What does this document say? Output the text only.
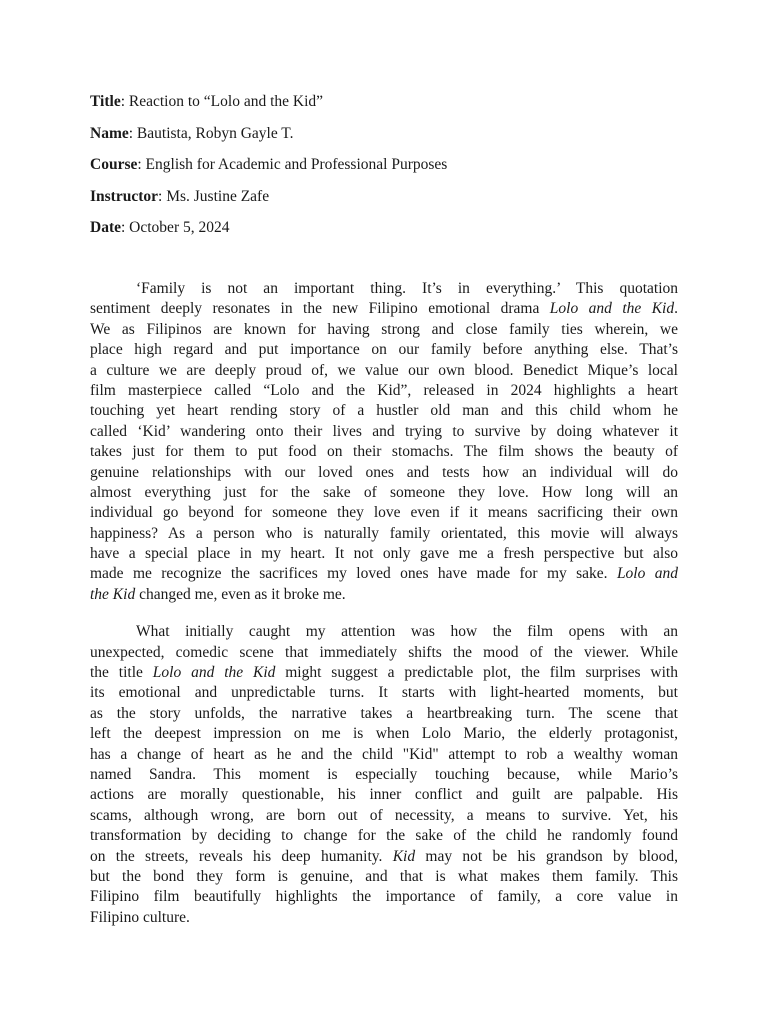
Title: Reaction to “Lolo and the Kid”
Name: Bautista, Robyn Gayle T.
Course: English for Academic and Professional Purposes
Instructor: Ms. Justine Zafe
Date: October 5, 2024
‘Family is not an important thing. It’s in everything.’ This quotation
sentiment deeply resonates in the new Filipino emotional drama Lolo and the Kid.
We as Filipinos are known for having strong and close family ties wherein, we
place high regard and put importance on our family before anything else. That’s
a culture we are deeply proud of, we value our own blood. Benedict Mique’s local
film masterpiece called “Lolo and the Kid”, released in 2024 highlights a heart
touching yet heart rending story of a hustler old man and this child whom he
called ‘Kid’ wandering onto their lives and trying to survive by doing whatever it
takes just for them to put food on their stomachs. The film shows the beauty of
genuine relationships with our loved ones and tests how an individual will do
almost everything just for the sake of someone they love. How long will an
individual go beyond for someone they love even if it means sacrificing their own
happiness? As a person who is naturally family orientated, this movie will always
have a special place in my heart. It not only gave me a fresh perspective but also
made me recognize the sacrifices my loved ones have made for my sake. Lolo and
the Kid changed me, even as it broke me.
What initially caught my attention was how the film opens with an
unexpected, comedic scene that immediately shifts the mood of the viewer. While
the title Lolo and the Kid might suggest a predictable plot, the film surprises with
its emotional and unpredictable turns. It starts with light-hearted moments, but
as the story unfolds, the narrative takes a heartbreaking turn. The scene that
left the deepest impression on me is when Lolo Mario, the elderly protagonist,
has a change of heart as he and the child "Kid" attempt to rob a wealthy woman
named Sandra. This moment is especially touching because, while Mario’s
actions are morally questionable, his inner conflict and guilt are palpable. His
scams, although wrong, are born out of necessity, a means to survive. Yet, his
transformation by deciding to change for the sake of the child he randomly found
on the streets, reveals his deep humanity. Kid may not be his grandson by blood,
but the bond they form is genuine, and that is what makes them family. This
Filipino film beautifully highlights the importance of family, a core value in
Filipino culture.
